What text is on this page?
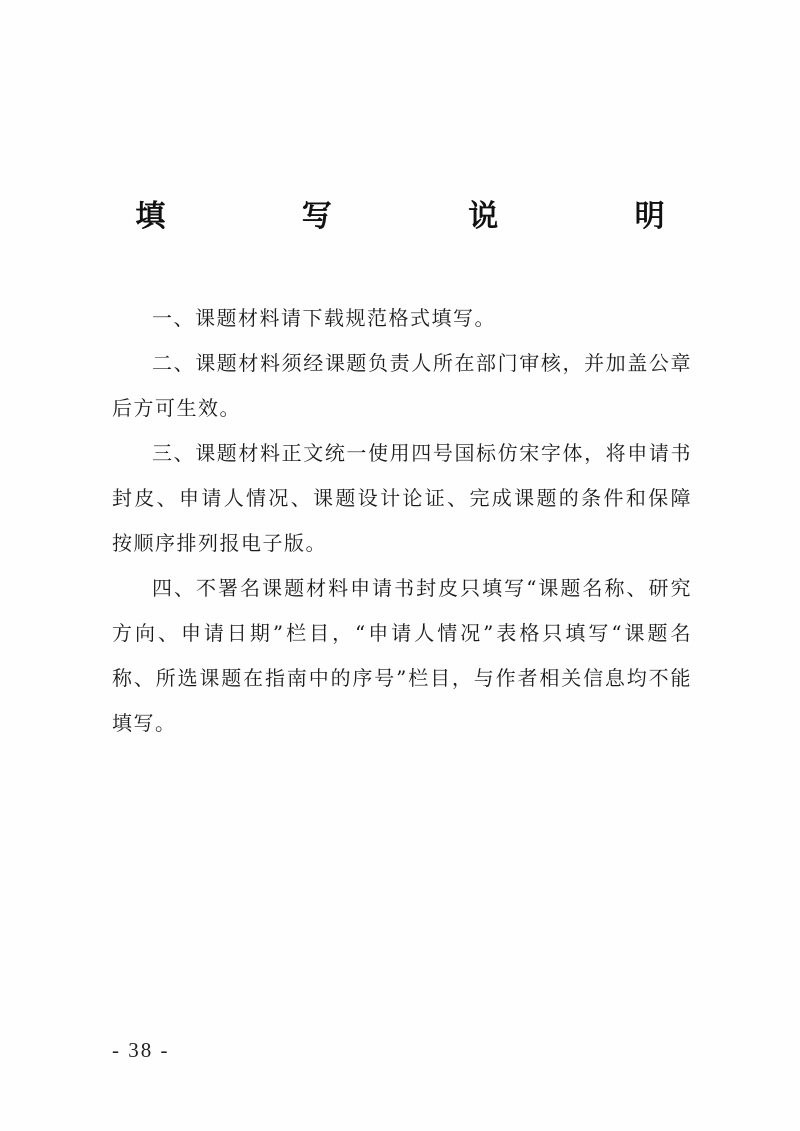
填 写 说 明

一、课题材料请下载规范格式填写。

二、课题材料须经课题负责人所在部门审核，并加盖公章后方可生效。

三、课题材料正文统一使用四号国标仿宋字体，将申请书封皮、申请人情况、课题设计论证、完成课题的条件和保障按顺序排列报电子版。

四、不署名课题材料申请书封皮只填写“课题名称、研究方向、申请日期”栏目，“申请人情况”表格只填写“课题名称、所选课题在指南中的序号”栏目，与作者相关信息均不能填写。

- 38 -
